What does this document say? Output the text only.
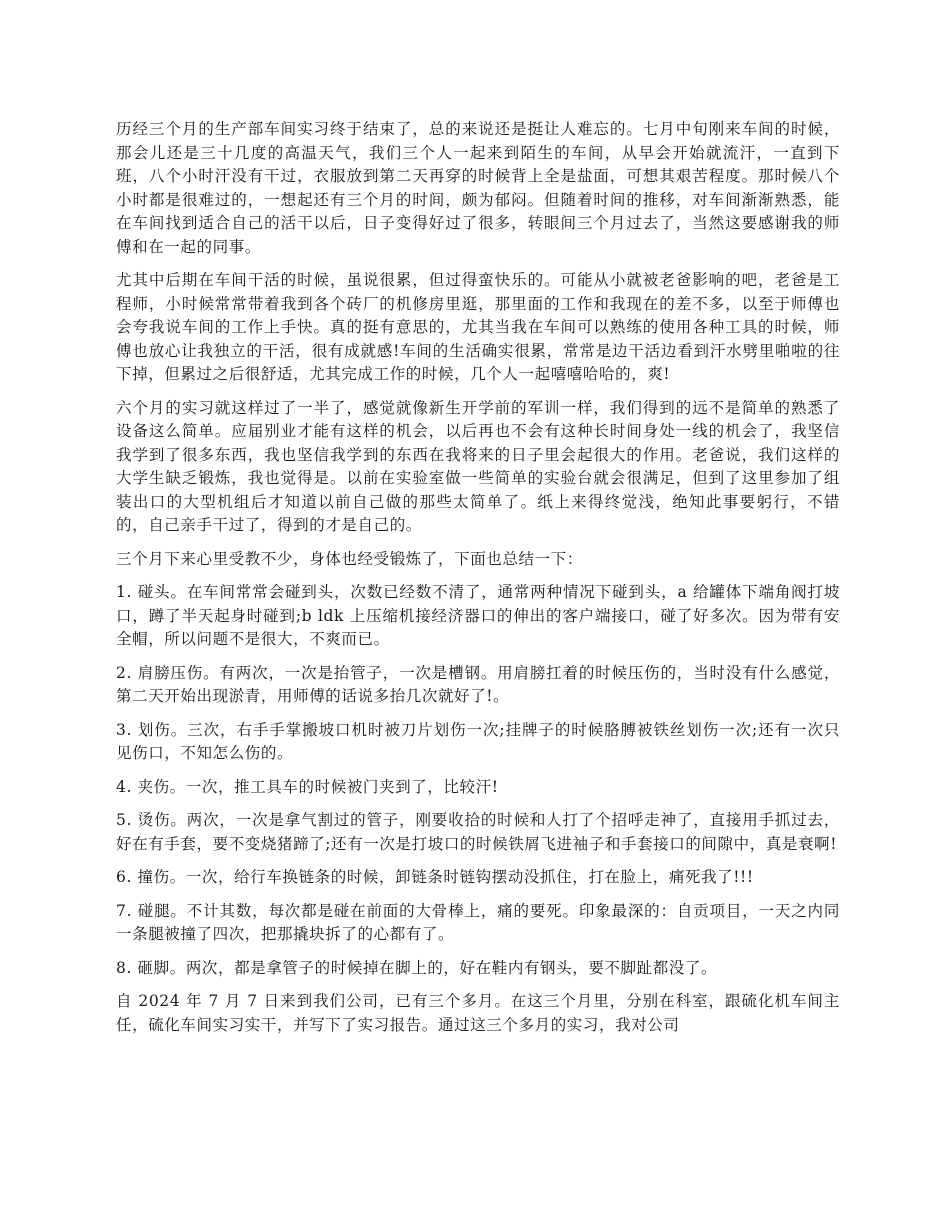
历经三个月的生产部车间实习终于结束了，总的来说还是挺让人难忘的。七月中旬刚来车间的时候，那会儿还是三十几度的高温天气，我们三个人一起来到陌生的车间，从早会开始就流汗，一直到下班，八个小时汗没有干过，衣服放到第二天再穿的时候背上全是盐面，可想其艰苦程度。那时候八个小时都是很难过的，一想起还有三个月的时间，颇为郁闷。但随着时间的推移，对车间渐渐熟悉，能在车间找到适合自己的活干以后，日子变得好过了很多，转眼间三个月过去了，当然这要感谢我的师傅和在一起的同事。

尤其中后期在车间干活的时候，虽说很累，但过得蛮快乐的。可能从小就被老爸影响的吧，老爸是工程师，小时候常常带着我到各个砖厂的机修房里逛，那里面的工作和我现在的差不多，以至于师傅也会夸我说车间的工作上手快。真的挺有意思的，尤其当我在车间可以熟练的使用各种工具的时候，师傅也放心让我独立的干活，很有成就感!车间的生活确实很累，常常是边干活边看到汗水劈里啪啦的往下掉，但累过之后很舒适，尤其完成工作的时候，几个人一起嘻嘻哈哈的，爽!

六个月的实习就这样过了一半了，感觉就像新生开学前的军训一样，我们得到的远不是简单的熟悉了设备这么简单。应届别业才能有这样的机会，以后再也不会有这种长时间身处一线的机会了，我坚信我学到了很多东西，我也坚信我学到的东西在我将来的日子里会起很大的作用。老爸说，我们这样的大学生缺乏锻炼，我也觉得是。以前在实验室做一些简单的实验台就会很满足，但到了这里参加了组装出口的大型机组后才知道以前自己做的那些太简单了。纸上来得终觉浅，绝知此事要躬行，不错的，自己亲手干过了，得到的才是自己的。

三个月下来心里受教不少，身体也经受锻炼了，下面也总结一下：

1. 碰头。在车间常常会碰到头，次数已经数不清了，通常两种情况下碰到头，a 给罐体下端角阀打坡口，蹲了半天起身时碰到;b ldk 上压缩机接经济器口的伸出的客户端接口，碰了好多次。因为带有安全帽，所以问题不是很大，不爽而已。

2. 肩膀压伤。有两次，一次是抬管子，一次是槽钢。用肩膀扛着的时候压伤的，当时没有什么感觉，第二天开始出现淤青，用师傅的话说多抬几次就好了!。

3. 划伤。三次，右手手掌搬坡口机时被刀片划伤一次;挂牌子的时候胳膊被铁丝划伤一次;还有一次只见伤口，不知怎么伤的。

4. 夹伤。一次，推工具车的时候被门夹到了，比较汗!

5. 烫伤。两次，一次是拿气割过的管子，刚要收拾的时候和人打了个招呼走神了，直接用手抓过去，好在有手套，要不变烧猪蹄了;还有一次是打坡口的时候铁屑飞进袖子和手套接口的间隙中，真是衰啊!

6. 撞伤。一次，给行车换链条的时候，卸链条时链钩摆动没抓住，打在脸上，痛死我了!!!

7. 碰腿。不计其数，每次都是碰在前面的大骨棒上，痛的要死。印象最深的：自贡项目，一天之内同一条腿被撞了四次，把那撬块拆了的心都有了。

8. 砸脚。两次，都是拿管子的时候掉在脚上的，好在鞋内有钢头，要不脚趾都没了。

自 2024 年 7 月 7 日来到我们公司，已有三个多月。在这三个月里，分别在科室，跟硫化机车间主任，硫化车间实习实干，并写下了实习报告。通过这三个多月的实习，我对公司
